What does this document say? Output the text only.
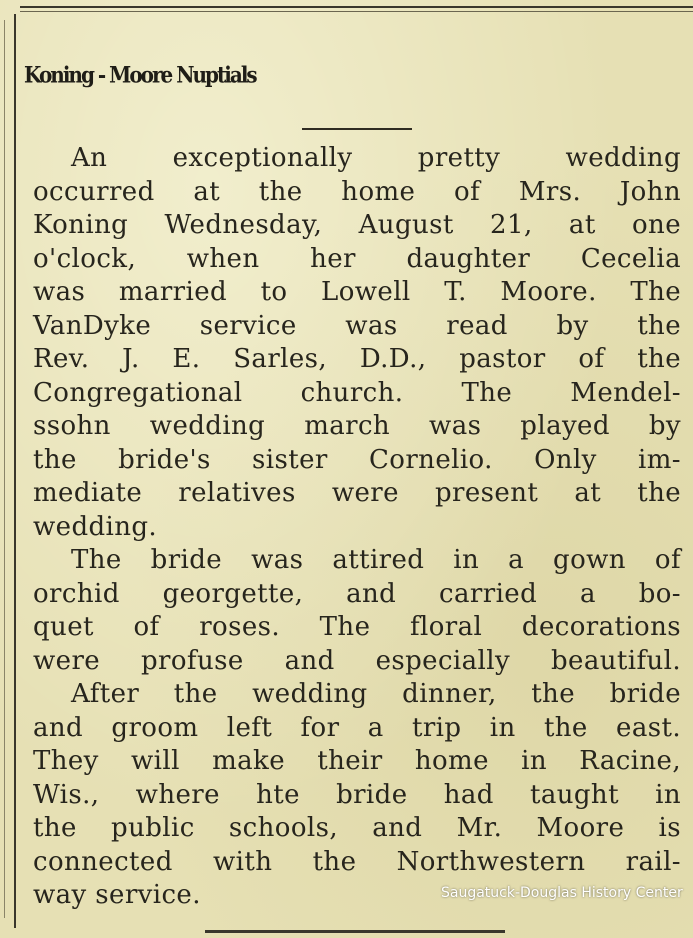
Koning - Moore Nuptials
An exceptionally pretty wedding
occurred at the home of Mrs. John
Koning Wednesday, August 21, at one
o'clock, when her daughter Cecelia
was married to Lowell T. Moore. The
VanDyke service was read by the
Rev. J. E. Sarles, D.D., pastor of the
Congregational church. The Mendel-
ssohn wedding march was played by
the bride's sister Cornelio. Only im-
mediate relatives were present at the
wedding.
The bride was attired in a gown of
orchid georgette, and carried a bo-
quet of roses. The floral decorations
were profuse and especially beautiful.
After the wedding dinner, the bride
and groom left for a trip in the east.
They will make their home in Racine,
Wis., where hte bride had taught in
the public schools, and Mr. Moore is
connected with the Northwestern rail-
way service.	Saugatuck-Douglas History Center
